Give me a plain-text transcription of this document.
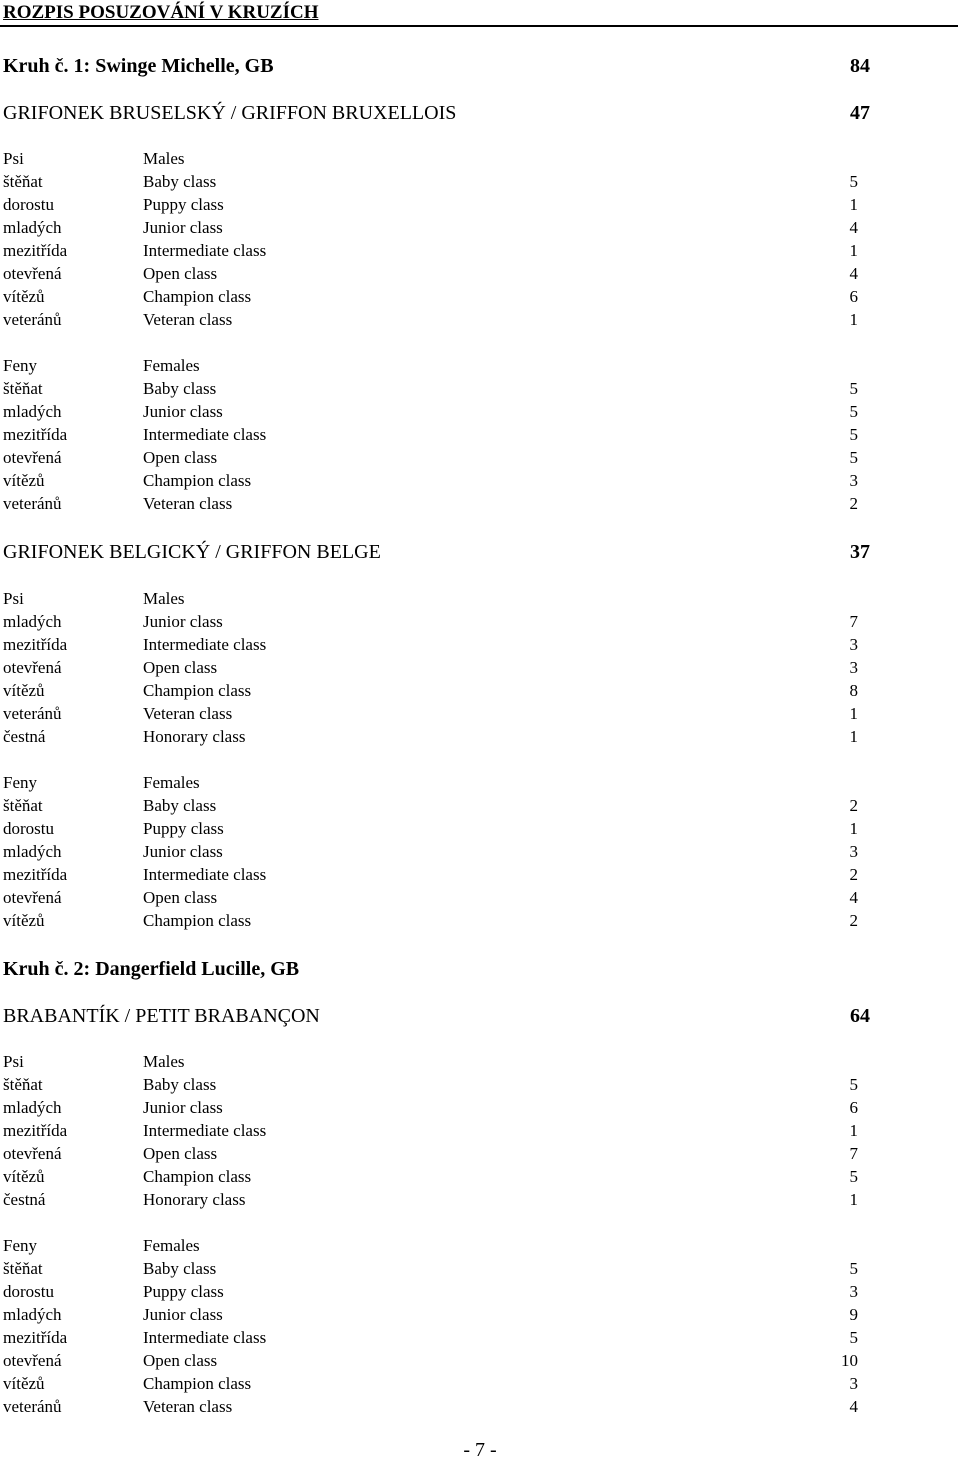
ROZPIS POSUZOVÁNÍ V KRUZÍCH
Kruh č. 1: Swinge Michelle, GB	84
GRIFONEK BRUSELSKÝ / GRIFFON BRUXELLOIS	47
Psi	Males
štěňat	Baby class	5
dorostu	Puppy class	1
mladých	Junior class	4
mezitřída	Intermediate class	1
otevřená	Open class	4
vítězů	Champion class	6
veteránů	Veteran class	1
Feny	Females
štěňat	Baby class	5
mladých	Junior class	5
mezitřída	Intermediate class	5
otevřená	Open class	5
vítězů	Champion class	3
veteránů	Veteran class	2
GRIFONEK BELGICKÝ / GRIFFON BELGE	37
Psi	Males
mladých	Junior class	7
mezitřída	Intermediate class	3
otevřená	Open class	3
vítězů	Champion class	8
veteránů	Veteran class	1
čestná	Honorary class	1
Feny	Females
štěňat	Baby class	2
dorostu	Puppy class	1
mladých	Junior class	3
mezitřída	Intermediate class	2
otevřená	Open class	4
vítězů	Champion class	2
Kruh č. 2: Dangerfield Lucille, GB
BRABANTÍK / PETIT BRABANÇON	64
Psi	Males
štěňat	Baby class	5
mladých	Junior class	6
mezitřída	Intermediate class	1
otevřená	Open class	7
vítězů	Champion class	5
čestná	Honorary class	1
Feny	Females
štěňat	Baby class	5
dorostu	Puppy class	3
mladých	Junior class	9
mezitřída	Intermediate class	5
otevřená	Open class	10
vítězů	Champion class	3
veteránů	Veteran class	4
- 7 -
